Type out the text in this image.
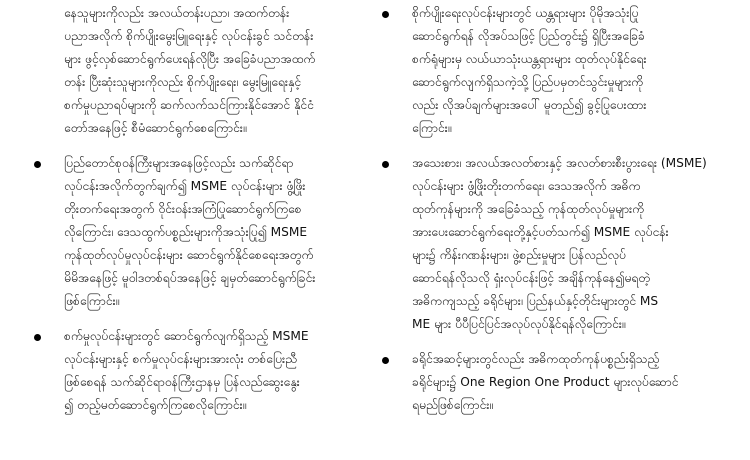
နေသူများကိုလည်း အလယ်တန်းပညာ၊ အထက်တန်း
ပညာအလိုက် စိုက်ပျိုးမွေးမြူရေးနှင့် လုပ်ငန်းခွင် သင်တန်း
များ ဖွင့်လှစ်ဆောင်ရွက်ပေးရန်လိုပြီး အခြေခံပညာအထက်
တန်း ပြီးဆုံးသူများကိုလည်း စိုက်ပျိုးရေး၊ မွေးမြူရေးနှင့်
စက်မှုပညာရပ်များကို ဆက်လက်သင်ကြားနိုင်အောင် နိုင်ငံ
တော်အနေဖြင့် စီမံဆောင်ရွက်စေကြောင်း။
ပြည်တောင်စုဝန်ကြီးများအနေဖြင့်လည်း သက်ဆိုင်ရာ
လုပ်ငန်းအလိုက်တွက်ချက်၍ MSME လုပ်ငန်းများ ဖွံ့ဖြိုး
တိုးတက်ရေးအတွက် ဝိုင်းဝန်းအကြံပြုဆောင်ရွက်ကြစေ
လိုကြောင်း၊ ဒေသထွက်ပစ္စည်းများကိုအသုံးပြု၍ MSME
ကုန်ထုတ်လုပ်မှုလုပ်ငန်းများ ဆောင်ရွက်နိုင်စေရေးအတွက်
မိမိအနေဖြင့် မူဝါဒတစ်ရပ်အနေဖြင့် ချမှတ်ဆောင်ရွက်ခြင်း
ဖြစ်ကြောင်း။
စက်မှုလုပ်ငန်းများတွင် ဆောင်ရွက်လျက်ရှိသည့် MSME
လုပ်ငန်းများနှင့် စက်မှုလုပ်ငန်းများအားလုံး တစ်ပြေးညီ
ဖြစ်စေရန် သက်ဆိုင်ရာဝန်ကြီးဌာနမှ ပြန်လည်ဆွေးနွေး
၍ တည့်မတ်ဆောင်ရွက်ကြစေလိုကြောင်း။
စိုက်ပျိုးရေးလုပ်ငန်းများတွင် ယန္တရားများ ပိုမိုအသုံးပြု
ဆောင်ရွက်ရန် လိုအပ်သဖြင့် ပြည်တွင်း၌ ရှိပြီးအခြေခံ
စက်ရုံများမှ လယ်ယာသုံးယန္တရားများ ထုတ်လုပ်နိုင်ရေး
ဆောင်ရွက်လျက်ရှိသကဲ့သို့ ပြည်ပမှတင်သွင်းမှုများကို
လည်း လိုအပ်ချက်များအပေါ် မူတည်၍ ခွင့်ပြုပေးထား
ကြောင်း။
အသေးစား၊ အလယ်အလတ်စားနှင့် အလတ်စားစီးပွားရေး (MSME)
လုပ်ငန်းများ ဖွံ့ဖြိုးတိုးတက်ရေး၊ ဒေသအလိုက် အဓိက
ထုတ်ကုန်များကို အခြေခံသည့် ကုန်ထုတ်လုပ်မှုများကို
အားပေးဆောင်ရွက်ရေးတို့နှင့်ပတ်သက်၍ MSME လုပ်ငန်း
များ၌ ကိန်းဂဏန်းများ၊ ဖွဲ့စည်းမှုများ ပြန်လည်လုပ်
ဆောင်ရန်လိုသလို ရှံးလုပ်ငန်းဖြင့် အချိန်ကုန်နေ၍မရတဲ့
အဓိကကျသည့် ခရိုင်များ၊ ပြည်နယ်နှင့်တိုင်းများတွင် MS
ME များ ပီပီပြင်ပြင်အလုပ်လုပ်နိုင်ရန်လိုကြောင်း။
ခရိုင်အဆင့်များတွင်လည်း အဓိကထုတ်ကုန်ပစ္စည်းရှိသည့်
ခရိုင်များ၌ One Region One Product များလုပ်ဆောင်
ရမည်ဖြစ်ကြောင်း။
